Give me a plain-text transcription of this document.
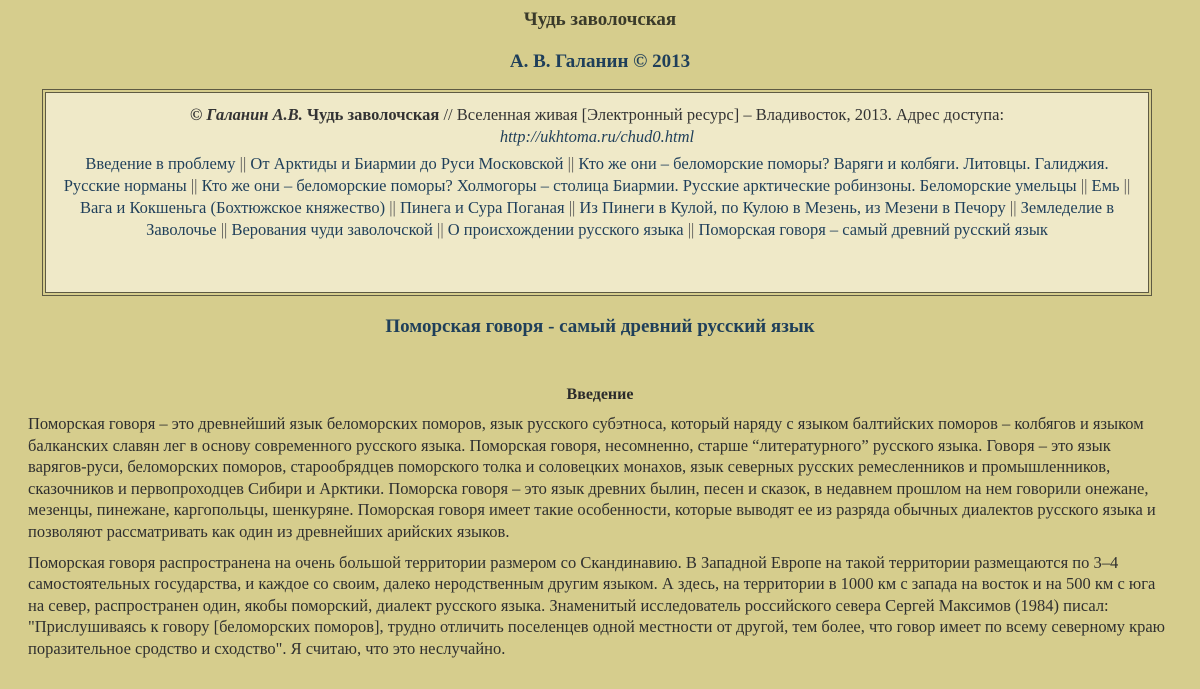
Чудь заволочская
А. В. Галанин © 2013
© Галанин А.В. Чудь заволочская // Вселенная живая [Электронный ресурс] – Владивосток, 2013. Адрес доступа:
http://ukhtoma.ru/chud0.html
Введение в проблему || От Арктиды и Биармии до Руси Московской || Кто же они – беломорские поморы? Варяги и колбяги. Литовцы. Галиджия. Русские норманы || Кто же они – беломорские поморы? Холмогоры – столица Биармии. Русские арктические робинзоны. Беломорские умельцы || Емь || Вага и Кокшеньга (Бохтюжское княжество) || Пинега и Сура Поганая || Из Пинеги в Кулой, по Кулою в Мезень, из Мезени в Печору || Земледелие в Заволочье || Верования чуди заволочской || О происхождении русского языка || Поморская говоря – самый древний русский язык
Поморская говоря - самый древний русский язык
Введение

Поморская говоря – это древнейший язык беломорских поморов, язык русского субэтноса, который наряду с языком балтийских поморов – колбягов и языком балканских славян лег в основу современного русского языка. Поморская говоря, несомненно, старше “литературного” русского языка. Говоря – это язык варягов-руси, беломорских поморов, старообрядцев поморского толка и соловецких монахов, язык северных русских ремесленников и промышленников, сказочников и первопроходцев Сибири и Арктики. Поморска говоря – это язык древних былин, песен и сказок, в недавнем прошлом на нем говорили онежане, мезенцы, пинежане, каргопольцы, шенкуряне. Поморская говоря имеет такие особенности, которые выводят ее из разряда обычных диалектов русского языка и позволяют рассматривать как один из древнейших арийских языков.

Поморская говоря распространена на очень большой территории размером со Скандинавию. В Западной Европе на такой территории размещаются по 3–4 самостоятельных государства, и каждое со своим, далеко неродственным другим языком. А здесь, на территории в 1000 км с запада на восток и на 500 км с юга на север, распространен один, якобы поморский, диалект русского языка. Знаменитый исследователь российского севера Сергей Максимов (1984) писал: "Прислушиваясь к говору [беломорских поморов], трудно отличить поселенцев одной местности от другой, тем более, что говор имеет по всему северному краю поразительное сродство и сходство". Я считаю, что это неслучайно.
